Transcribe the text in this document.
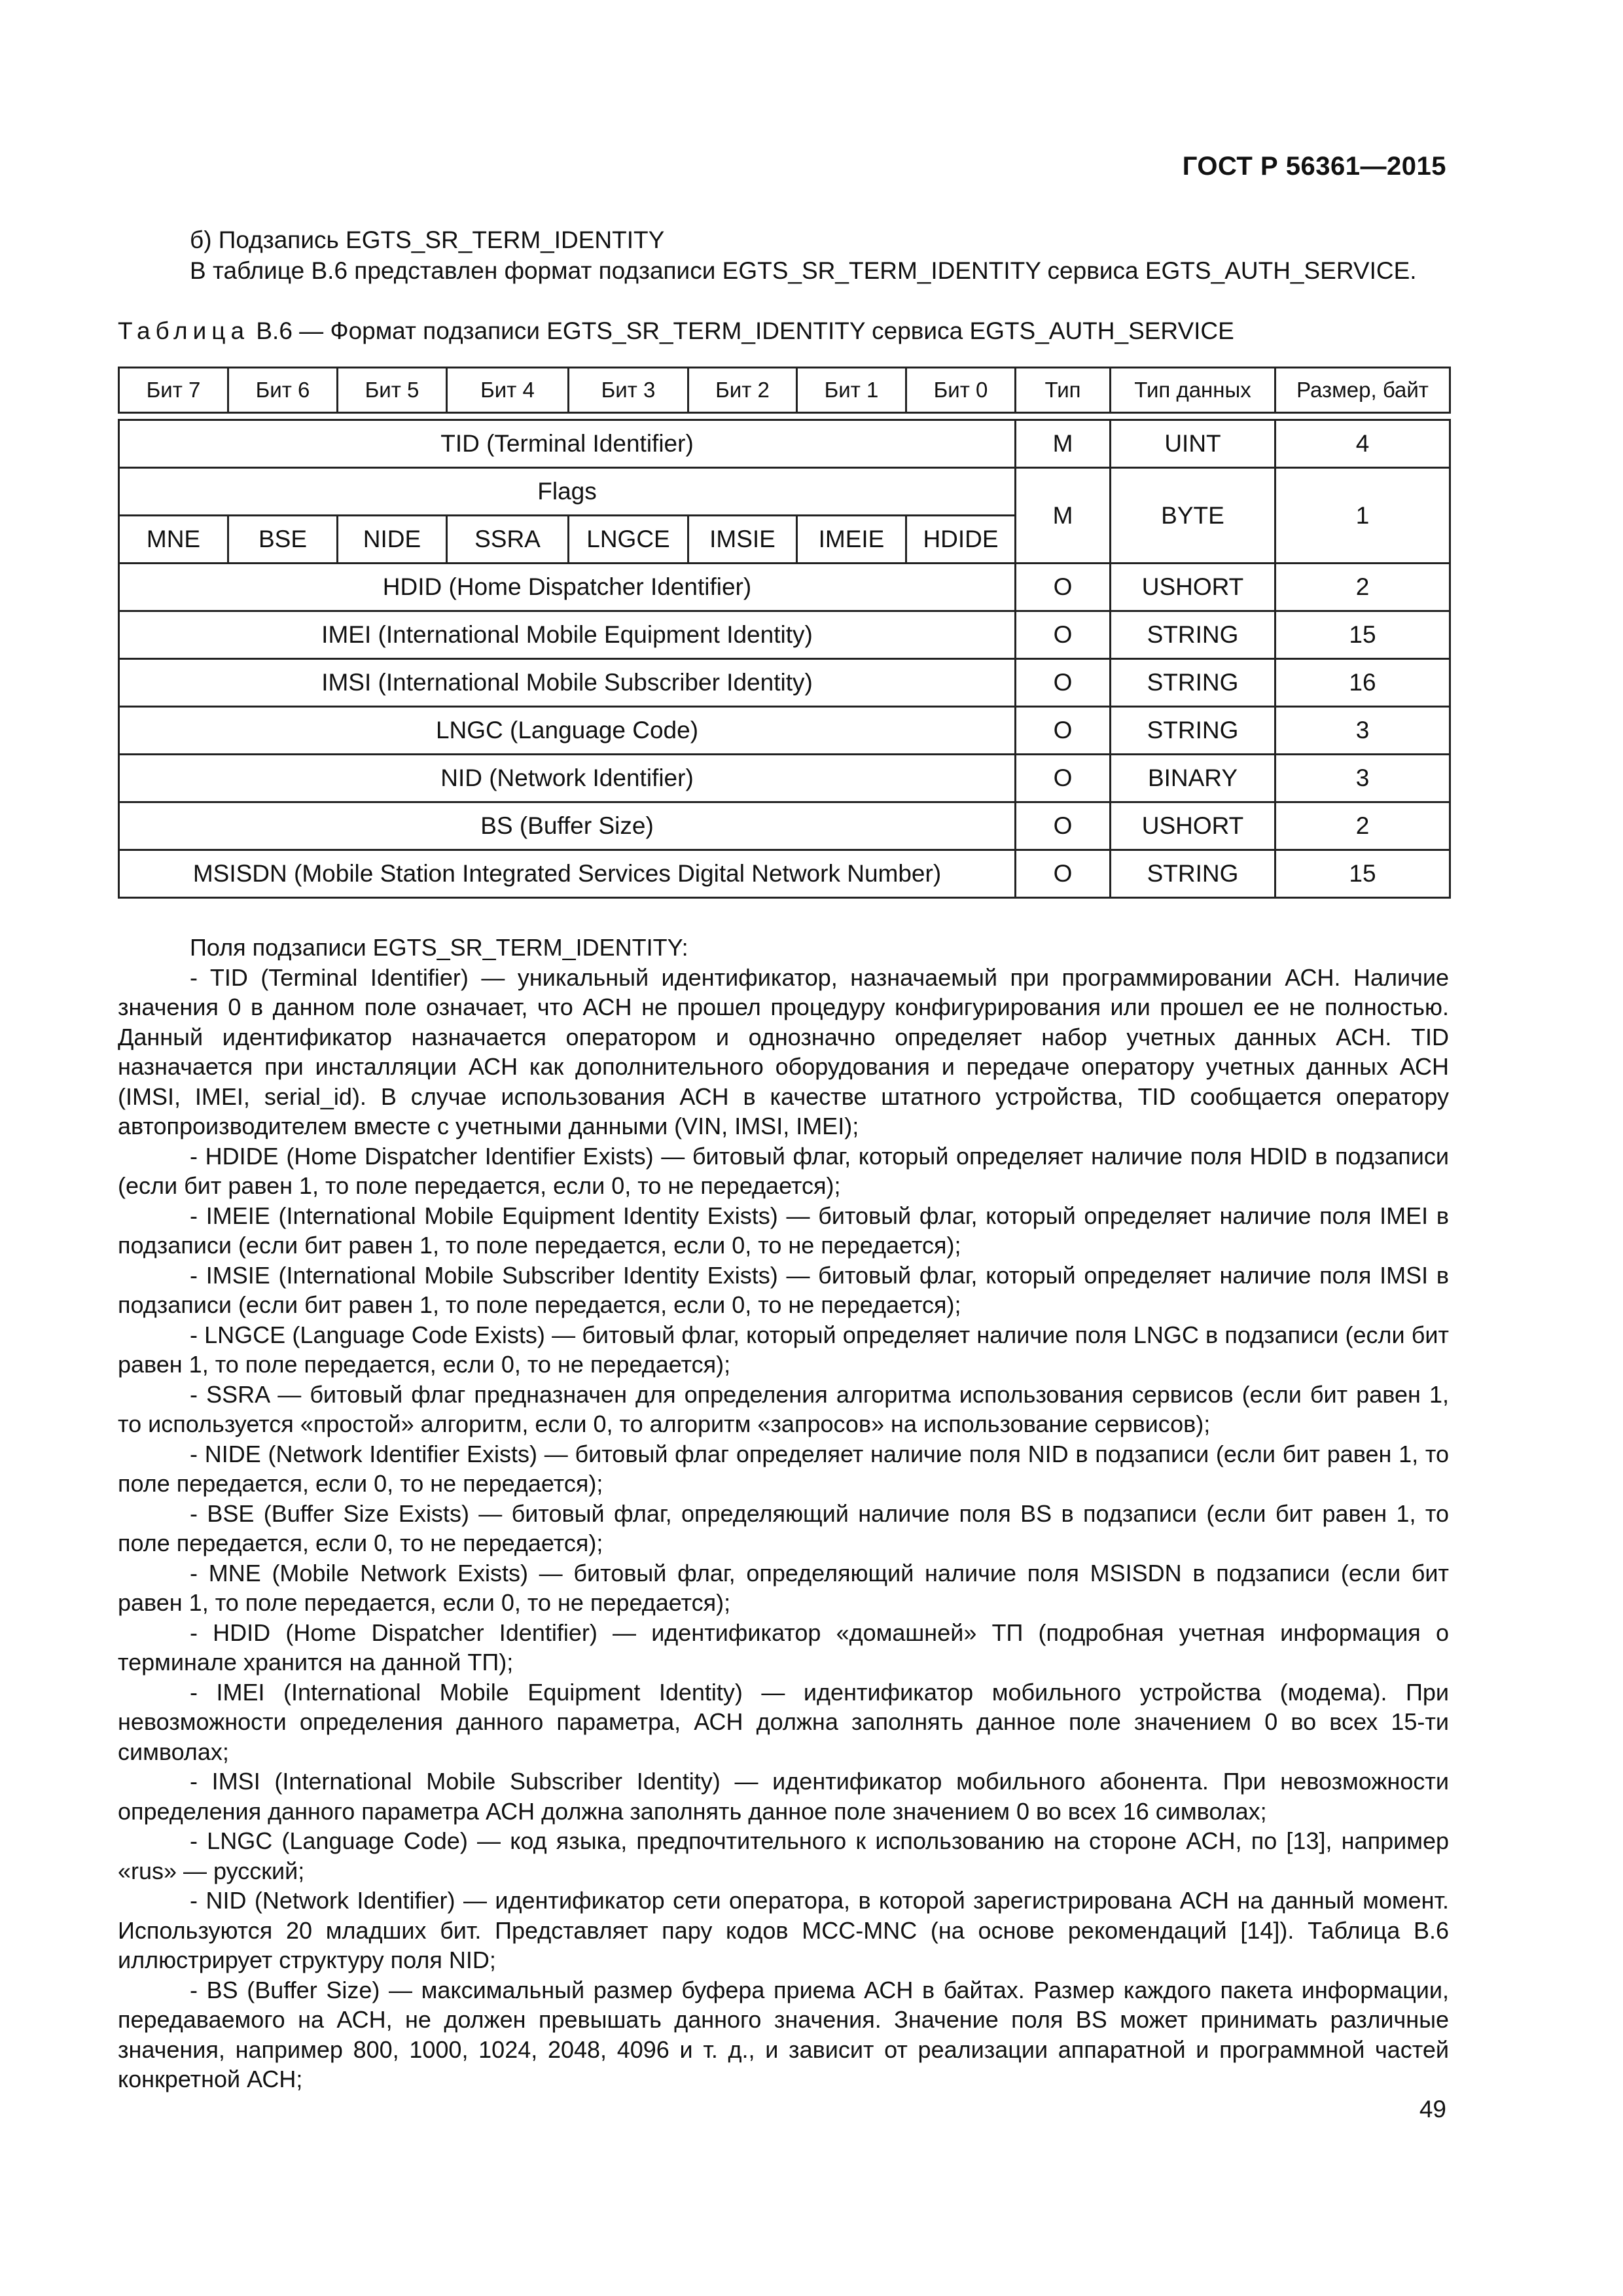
ГОСТ Р 56361—2015
б) Подзапись EGTS_SR_TERM_IDENTITY
В таблице В.6 представлен формат подзаписи EGTS_SR_TERM_IDENTITY сервиса EGTS_AUTH_SERVICE.
Таблица В.6 — Формат подзаписи EGTS_SR_TERM_IDENTITY сервиса EGTS_AUTH_SERVICE
Бит 7	Бит 6	Бит 5	Бит 4	Бит 3	Бит 2	Бит 1	Бит 0	Тип	Тип данных	Размер, байт

TID (Terminal Identifier)								M	UINT	4
Flags								M	BYTE	1
MNE	BSE	NIDE	SSRA	LNGCE	IMSIE	IMEIE	HDIDE			
HDID (Home Dispatcher Identifier)								O	USHORT	2
IMEI (International Mobile Equipment Identity)								O	STRING	15
IMSI (International Mobile Subscriber Identity)								O	STRING	16
LNGC (Language Code)								O	STRING	3
NID (Network Identifier)								O	BINARY	3
BS (Buffer Size)								O	USHORT	2
MSISDN (Mobile Station Integrated Services Digital Network Number)								O	STRING	15

Поля подзаписи EGTS_SR_TERM_IDENTITY:

- TID (Terminal Identifier) — уникальный идентификатор, назначаемый при программировании АСН. Наличие значения 0 в данном поле означает, что АСН не прошел процедуру конфигурирования или прошел ее не полностью. Данный идентификатор назначается оператором и однозначно определяет набор учетных данных АСН. TID назначается при инсталляции АСН как дополнительного оборудования и передаче оператору учетных данных АСН (IMSI, IMEI, serial_id). В случае использования АСН в качестве штатного устройства, TID сообщается оператору автопроизводителем вместе с учетными данными (VIN, IMSI, IMEI);

- HDIDE (Home Dispatcher Identifier Exists) — битовый флаг, который определяет наличие поля HDID в подзаписи (если бит равен 1, то поле передается, если 0, то не передается);

- IMEIE (International Mobile Equipment Identity Exists) — битовый флаг, который определяет наличие поля IMEI в подзаписи (если бит равен 1, то поле передается, если 0, то не передается);

- IMSIE (International Mobile Subscriber Identity Exists) — битовый флаг, который определяет наличие поля IMSI в подзаписи (если бит равен 1, то поле передается, если 0, то не передается);

- LNGCE (Language Code Exists) — битовый флаг, который определяет наличие поля LNGC в подзаписи (если бит равен 1, то поле передается, если 0, то не передается);

- SSRA — битовый флаг предназначен для определения алгоритма использования сервисов (если бит равен 1, то используется «простой» алгоритм, если 0, то алгоритм «запросов» на использование сервисов);

- NIDE (Network Identifier Exists) — битовый флаг определяет наличие поля NID в подзаписи (если бит равен 1, то поле передается, если 0, то не передается);

- BSE (Buffer Size Exists) — битовый флаг, определяющий наличие поля BS в подзаписи (если бит равен 1, то поле передается, если 0, то не передается);

- MNE (Mobile Network Exists) — битовый флаг, определяющий наличие поля MSISDN в подзаписи (если бит равен 1, то поле передается, если 0, то не передается);

- HDID (Home Dispatcher Identifier) — идентификатор «домашней» ТП (подробная учетная информация о терминале хранится на данной ТП);

- IMEI (International Mobile Equipment Identity) — идентификатор мобильного устройства (модема). При невозможности определения данного параметра, АСН должна заполнять данное поле значением 0 во всех 15-ти символах;

- IMSI (International Mobile Subscriber Identity) — идентификатор мобильного абонента. При невозможности определения данного параметра АСН должна заполнять данное поле значением 0 во всех 16 символах;

- LNGC (Language Code) — код языка, предпочтительного к использованию на стороне АСН, по [13], например «rus» — русский;

- NID (Network Identifier) — идентификатор сети оператора, в которой зарегистрирована АСН на данный момент. Используются 20 младших бит. Представляет пару кодов MCC-MNC (на основе рекомендаций [14]). Таблица В.6 иллюстрирует структуру поля NID;

- BS (Buffer Size) — максимальный размер буфера приема АСН в байтах. Размер каждого пакета информации, передаваемого на АСН, не должен превышать данного значения. Значение поля BS может принимать различные значения, например 800, 1000, 1024, 2048, 4096 и т. д., и зависит от реализации аппаратной и программной частей конкретной АСН;

49
